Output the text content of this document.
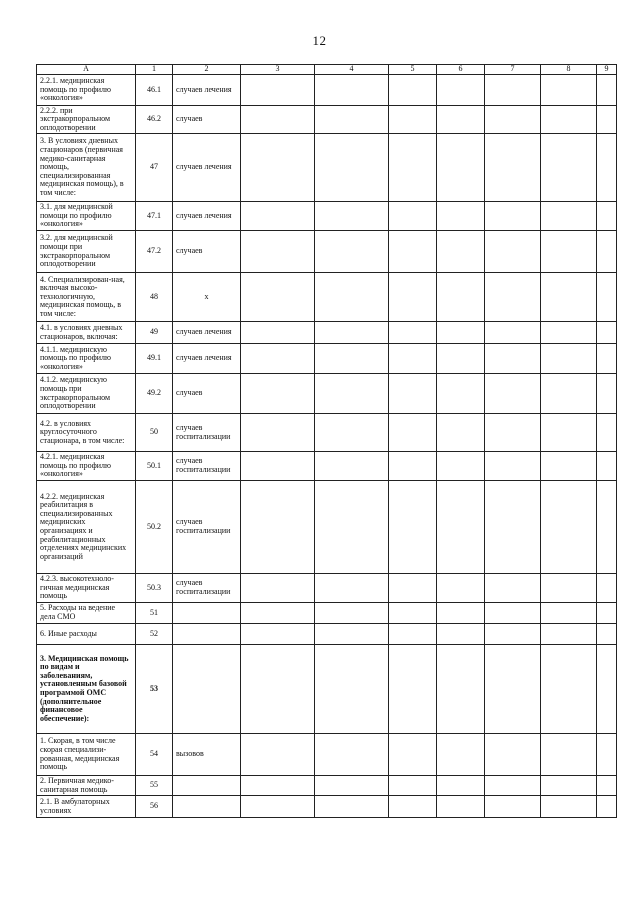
12
А	1	2	3	4	5	6	7	8	9
2.2.1. медицинская помощь по профилю «онкология»	46.1	случаев лечения							
2.2.2. при экстракорпоральном оплодотворении	46.2	случаев							
3. В условиях дневных стационаров (первичная медико-санитарная помощь, специализированная медицинская помощь), в том числе:	47	случаев лечения							
3.1. для медицинской помощи по профилю «онкология»	47.1	случаев лечения							
3.2. для медицинской помощи при экстракорпоральном оплодотворении	47.2	случаев							
4. Специализирован-ная, включая высоко-технологичную, медицинская помощь, в том числе:	48	х							
4.1. в условиях дневных стационаров, включая:	49	случаев лечения							
4.1.1. медицинскую помощь по профилю «онкология»	49.1	случаев лечения							
4.1.2. медицинскую помощь при экстракорпоральном оплодотворении	49.2	случаев							
4.2. в условиях круглосуточного стационара, в том числе:	50	случаев госпитализации							
4.2.1. медицинская помощь по профилю «онкология»	50.1	случаев госпитализации							
4.2.2. медицинская реабилитация в специализированных медицинских организациях и реабилитационных отделениях медицинских организаций	50.2	случаев госпитализации							
4.2.3. высокотехноло-гичная медицинская помощь	50.3	случаев госпитализации							
5. Расходы на ведение дела СМО	51								
6. Иные расходы	52								
3. Медицинская помощь по видам и заболеваниям, установленным базовой программой ОМС (дополнительное финансовое обеспечение):	53								
1. Скорая, в том числе скорая специализи-рованная, медицинская помощь	54	вызовов							
2. Первичная медико-санитарная помощь	55								
2.1. В амбулаторных условиях	56								
